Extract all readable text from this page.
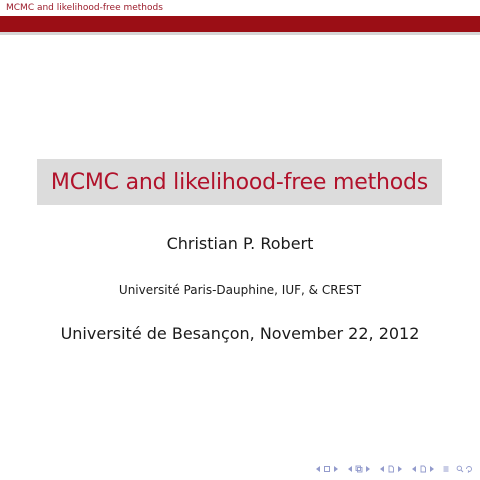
MCMC and likelihood-free methods
MCMC and likelihood-free methods
Christian P. Robert
Université Paris-Dauphine, IUF, & CREST
Université de Besançon, November 22, 2012
